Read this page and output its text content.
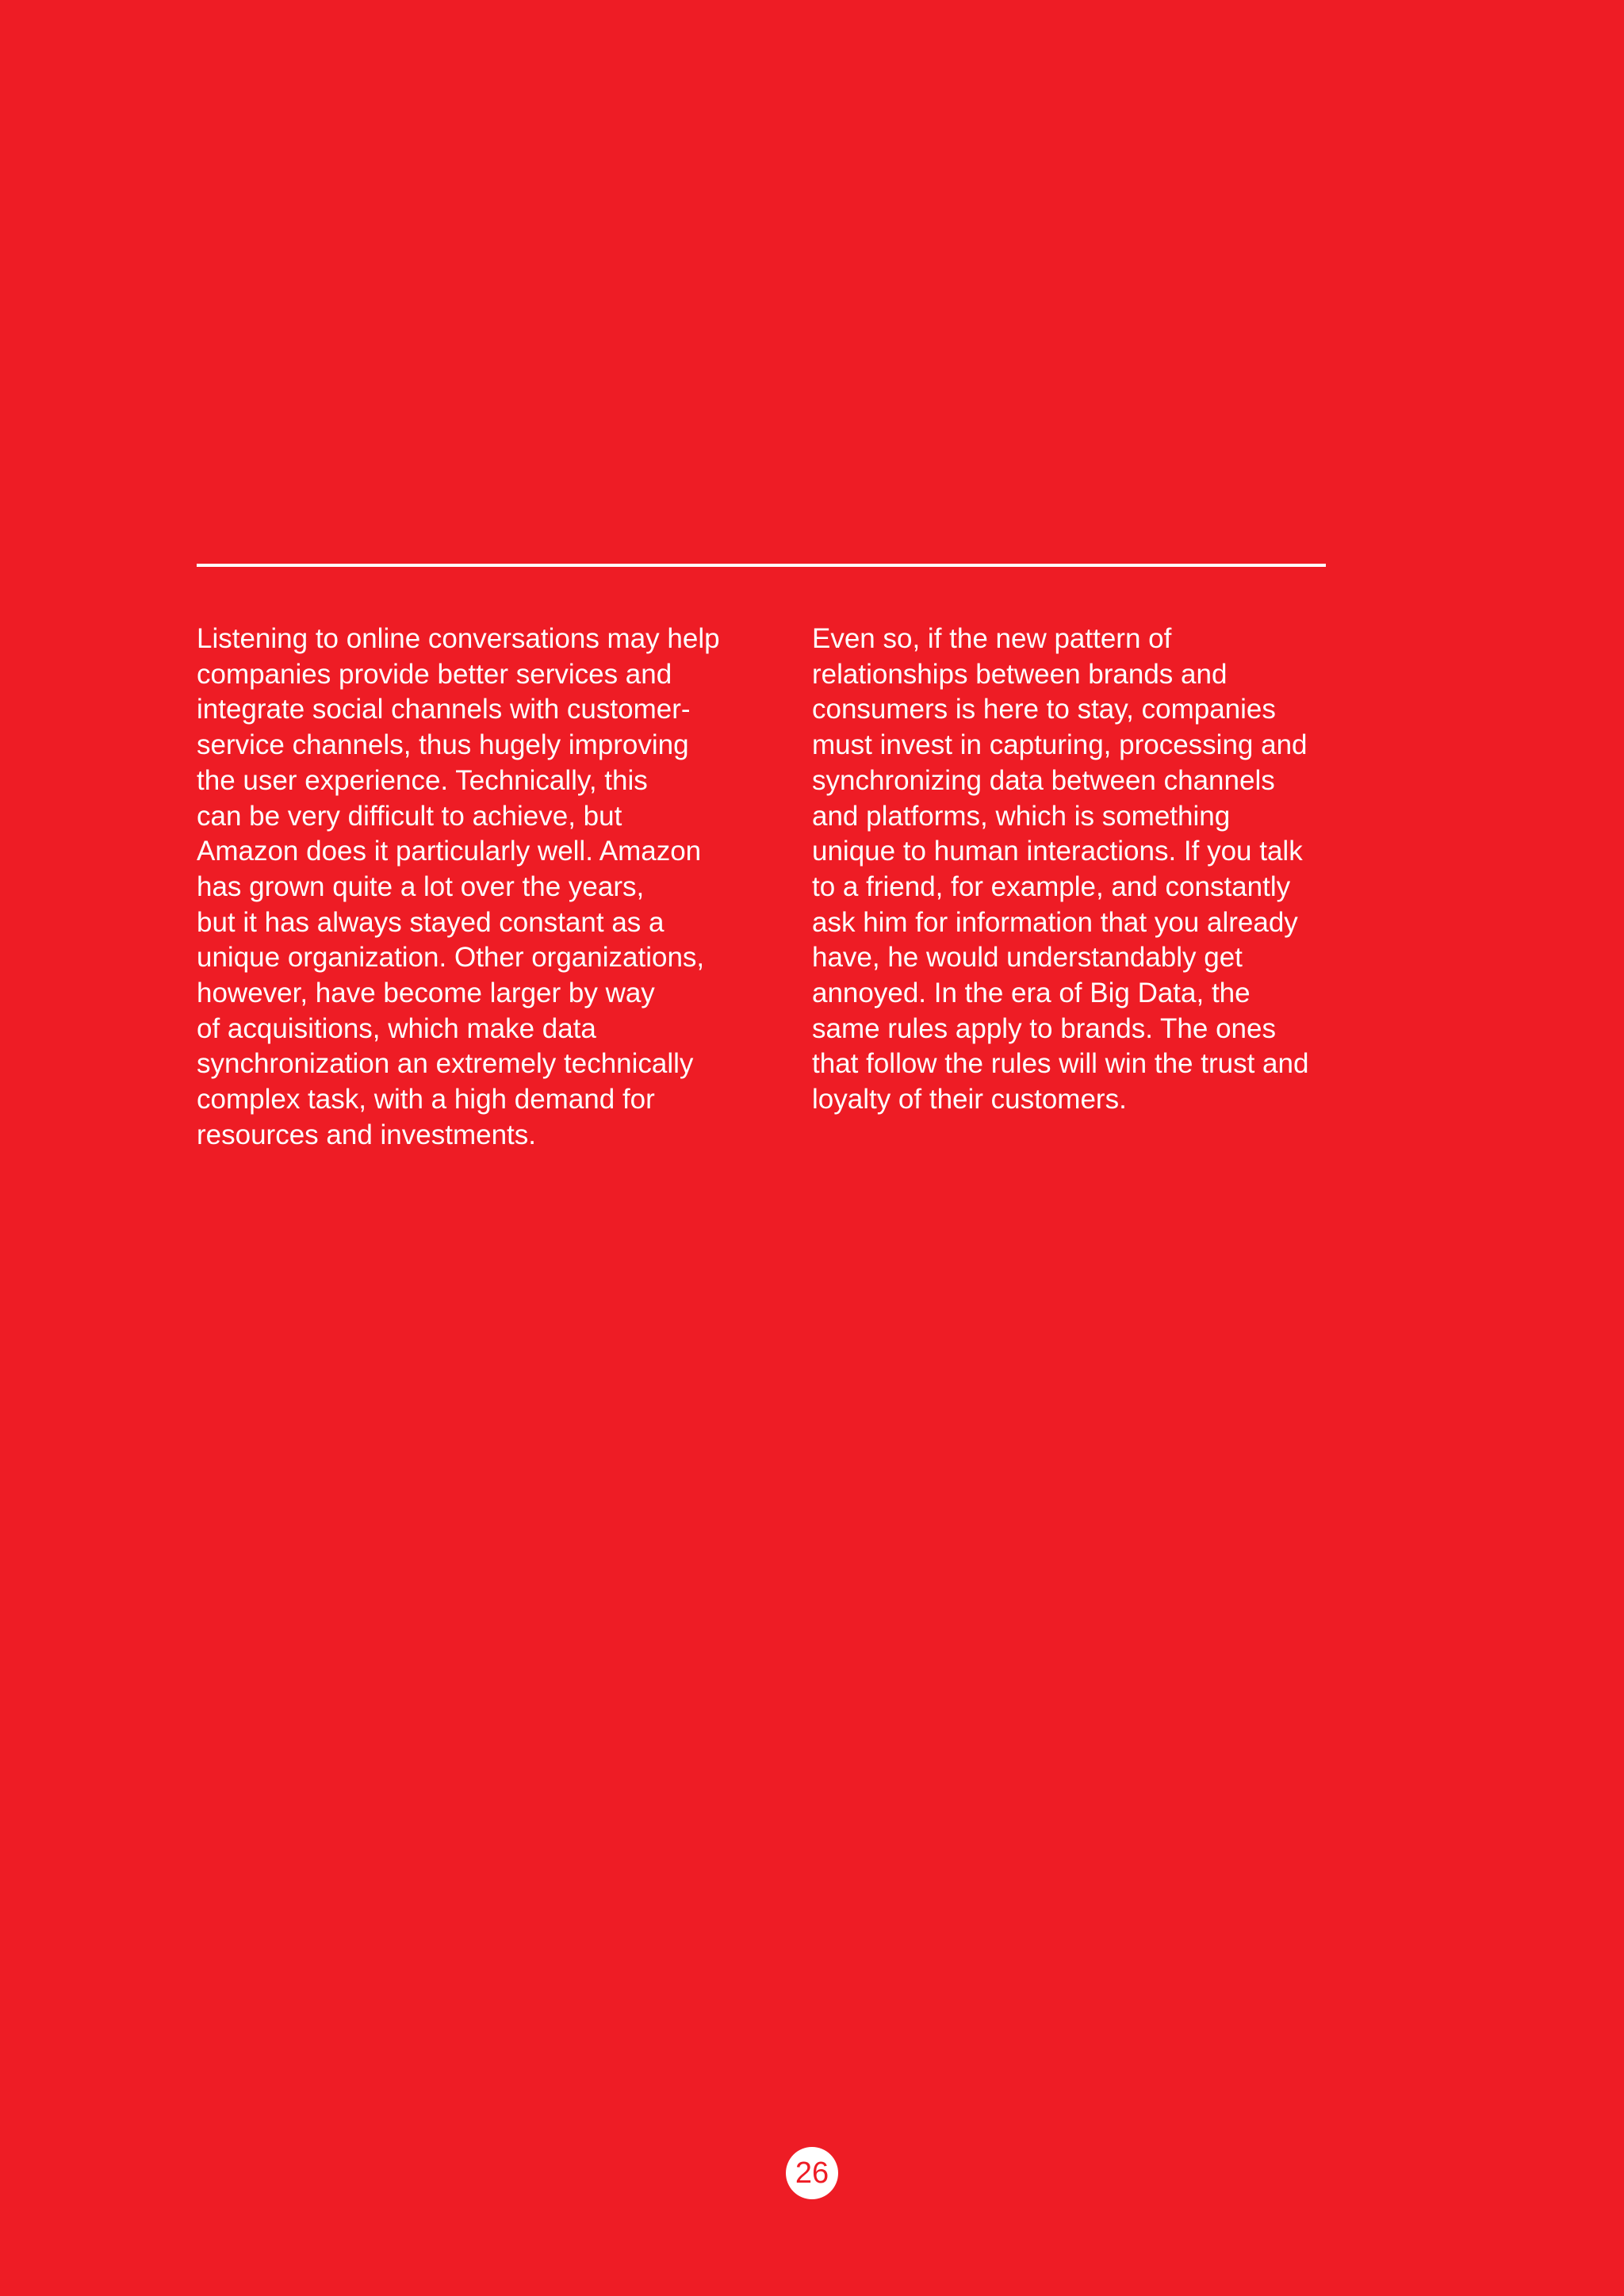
Listening to online conversations may help
companies provide better services and
integrate social channels with customer-
service channels, thus hugely improving
the user experience. Technically, this
can be very difficult to achieve, but
Amazon does it particularly well. Amazon
has grown quite a lot over the years,
but it has always stayed constant as a
unique organization. Other organizations,
however, have become larger by way
of acquisitions, which make data
synchronization an extremely technically
complex task, with a high demand for
resources and investments.

Even so, if the new pattern of
relationships between brands and
consumers is here to stay, companies
must invest in capturing, processing and
synchronizing data between channels
and platforms, which is something
unique to human interactions. If you talk
to a friend, for example, and constantly
ask him for information that you already
have, he would understandably get
annoyed. In the era of Big Data, the
same rules apply to brands. The ones
that follow the rules will win the trust and
loyalty of their customers.

26
